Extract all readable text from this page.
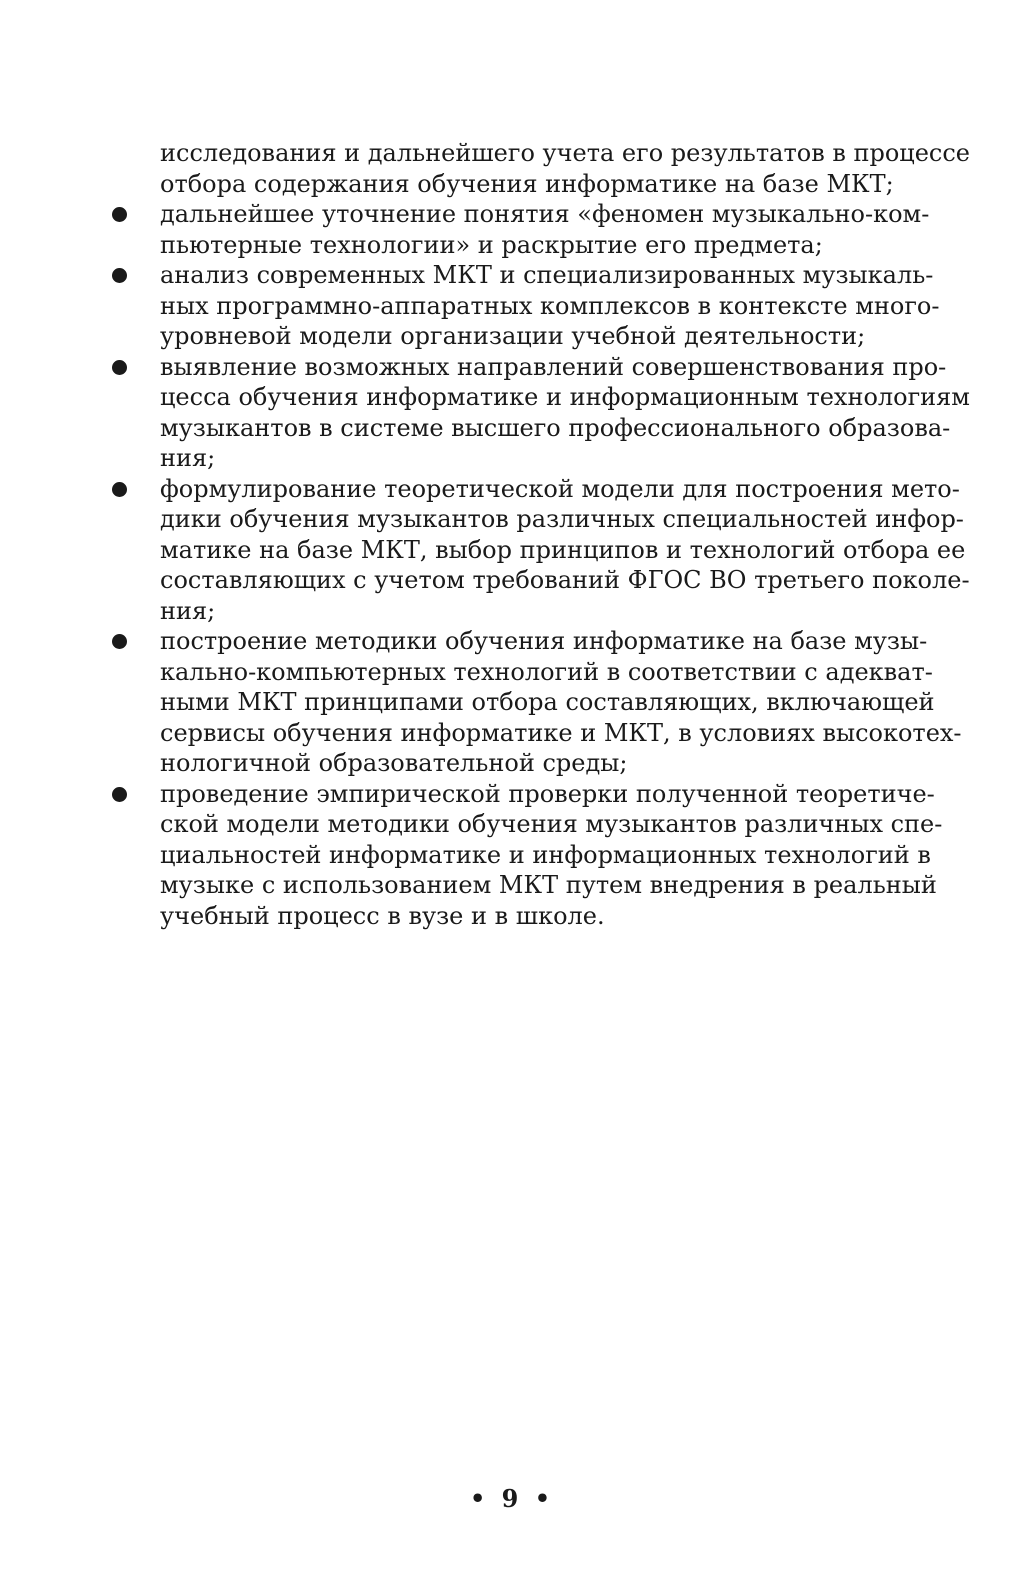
исследования и дальнейшего учета его результатов в процессе
отбора содержания обучения информатике на базе МКТ;

дальнейшее уточнение понятия «феномен музыкально-ком-
пьютерные технологии» и раскрытие его предмета;
анализ современных МКТ и специализированных музыкаль-
ных программно-аппаратных комплексов в контексте много-
уровневой модели организации учебной деятельности;
выявление возможных направлений совершенствования про-
цесса обучения информатике и информационным технологиям
музыкантов в системе высшего профессионального образова-
ния;
формулирование теоретической модели для построения мето-
дики обучения музыкантов различных специальностей инфор-
матике на базе МКТ, выбор принципов и технологий отбора ее
составляющих с учетом требований ФГОС ВО третьего поколе-
ния;
построение методики обучения информатике на базе музы-
кально-компьютерных технологий в соответствии с адекват-
ными МКТ принципами отбора составляющих, включающей
сервисы обучения информатике и МКТ, в условиях высокотех-
нологичной образовательной среды;
проведение эмпирической проверки полученной теоретиче-
ской модели методики обучения музыкантов различных спе-
циальностей информатике и информационных технологий в
музыке с использованием МКТ путем внедрения в реальный
учебный процесс в вузе и в школе.
• 9 •
